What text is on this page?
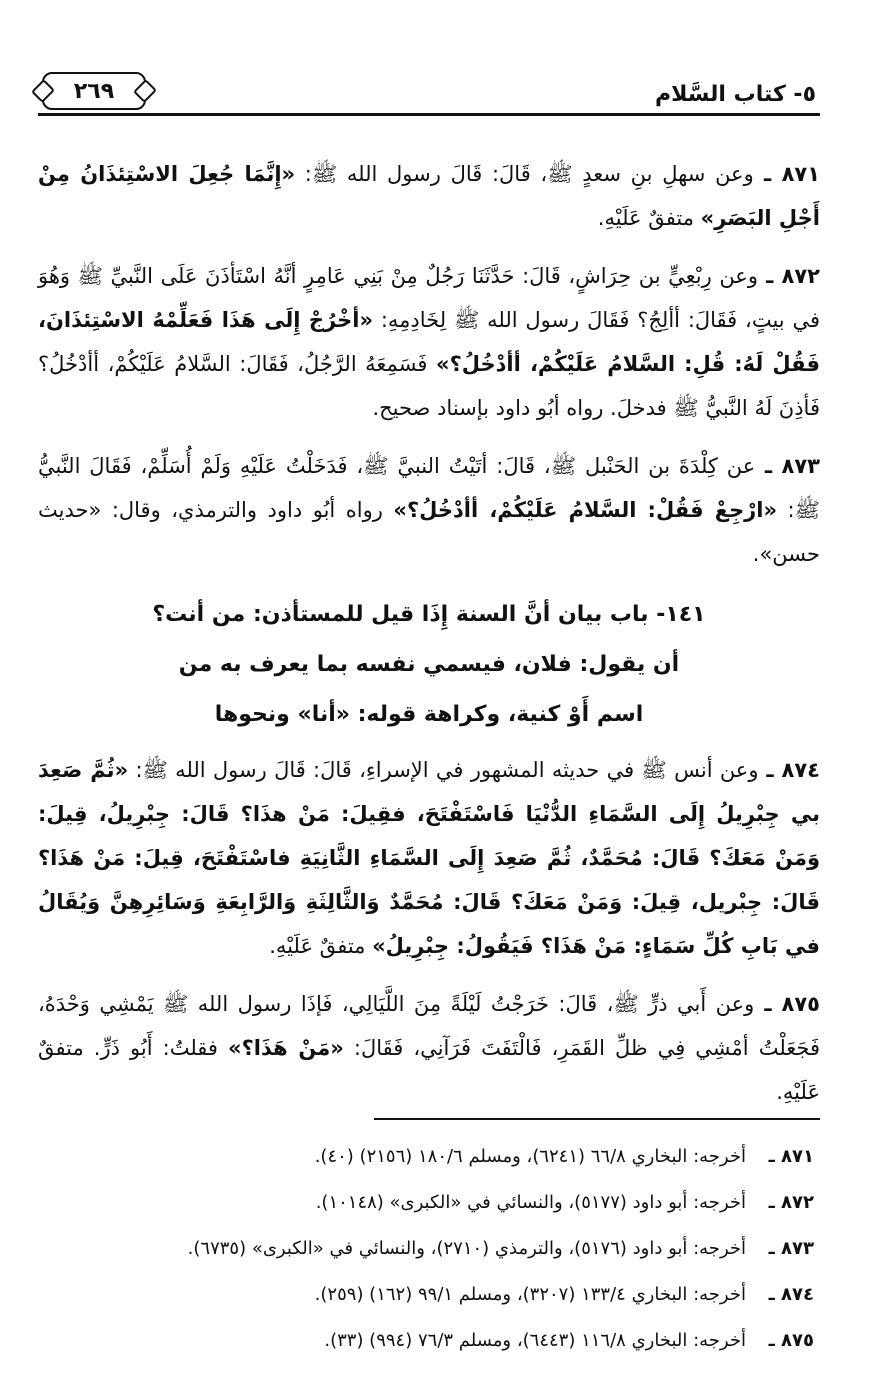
٥- كتاب السَّلام
٢٦٩

٨٧١ ـ وعن سهلِ بنِ سعدٍ ﷺ، قَالَ: قَالَ رسول الله ﷺ: «إِنَّمَا جُعِلَ الاسْتِئذَانُ مِنْ أَجْلِ البَصَرِ» متفقٌ عَلَيْهِ.

٨٧٢ ـ وعن رِبْعِيٍّ بن حِرَاشٍ، قَالَ: حَدَّثَنَا رَجُلٌ مِنْ بَنِي عَامِرٍ أنَّهُ اسْتَأذَنَ عَلَى النَّبيِّ ﷺ وَهُوَ في بيتٍ، فَقَالَ: أألِجُ؟ فَقَالَ رسول الله ﷺ لِخَادِمِهِ: «أخْرُجْ إِلَى هَذَا فَعَلِّمْهُ الاسْتِئذَانَ، فَقُلْ لَهُ: قُلِ: السَّلامُ عَلَيْكُمْ، أأدْخُلُ؟» فَسَمِعَهُ الرَّجُلُ، فَقَالَ: السَّلامُ عَلَيْكُمْ، أأدْخُلُ؟ فَأذِنَ لَهُ النَّبيُّ ﷺ فدخلَ. رواه أبُو داود بإسناد صحيح.

٨٧٣ ـ عن كِلْدَةَ بن الحَنْبل ﷺ، قَالَ: أتَيْتُ النبيَّ ﷺ، فَدَخَلْتُ عَلَيْهِ وَلَمْ أُسَلِّمْ، فَقَالَ النَّبيُّ ﷺ: «ارْجِعْ فَقُلْ: السَّلامُ عَلَيْكُمْ، أأدْخُلُ؟» رواه أبُو داود والترمذي، وقال: «حديث حسن».

١٤١- باب بيان أنَّ السنة إِذَا قيل للمستأذن: من أنت؟
أن يقول: فلان، فيسمي نفسه بما يعرف به من
اسم أَوْ كنية، وكراهة قوله: «أنا» ونحوها

٨٧٤ ـ وعن أنس ﷺ في حديثه المشهور في الإسراءِ، قَالَ: قَالَ رسول الله ﷺ: «ثُمَّ صَعِدَ بي جِبْرِيلُ إِلَى السَّمَاءِ الدُّنْيَا فَاسْتَفْتَحَ، فقِيلَ: مَنْ هذَا؟ قَالَ: جِبْرِيلُ، قِيلَ: وَمَنْ مَعَكَ؟ قَالَ: مُحَمَّدٌ، ثُمَّ صَعِدَ إِلَى السَّمَاءِ الثَّانِيَةِ فاسْتَفْتَحَ، قِيلَ: مَنْ هَذَا؟ قَالَ: جِبْريل، قِيلَ: وَمَنْ مَعَكَ؟ قَالَ: مُحَمَّدٌ وَالثَّالِثَةِ وَالرَّابِعَةِ وَسَائِرِهِنَّ وَيُقَالُ في بَابِ كُلِّ سَمَاءٍ: مَنْ هَذَا؟ فَيَقُولُ: جِبْرِيلُ» متفقٌ عَلَيْهِ.

٨٧٥ ـ وعن أَبي ذرٍّ ﷺ، قَالَ: خَرَجْتُ لَيْلَةً مِنَ اللَّيَالِي، فَإذَا رسول الله ﷺ يَمْشِي وَحْدَهُ، فَجَعَلْتُ أمْشِي فِي ظلِّ القَمَرِ، فَالْتَفَتَ فَرَآنِي، فَقَالَ: «مَنْ هَذَا؟» فقلتُ: أَبُو ذَرٍّ. متفقٌ عَلَيْهِ.

٨٧١ ـ
أخرجه: البخاري ٦٦/٨ (٦٢٤١)، ومسلم ١٨٠/٦ (٢١٥٦) (٤٠).
٨٧٢ ـ
أخرجه: أبو داود (٥١٧٧)، والنسائي في «الكبرى» (١٠١٤٨).
٨٧٣ ـ
أخرجه: أبو داود (٥١٧٦)، والترمذي (٢٧١٠)، والنسائي في «الكبرى» (٦٧٣٥).
٨٧٤ ـ
أخرجه: البخاري ١٣٣/٤ (٣٢٠٧)، ومسلم ٩٩/١ (١٦٢) (٢٥٩).
٨٧٥ ـ
أخرجه: البخاري ١١٦/٨ (٦٤٤٣)، ومسلم ٧٦/٣ (٩٩٤) (٣٣).
